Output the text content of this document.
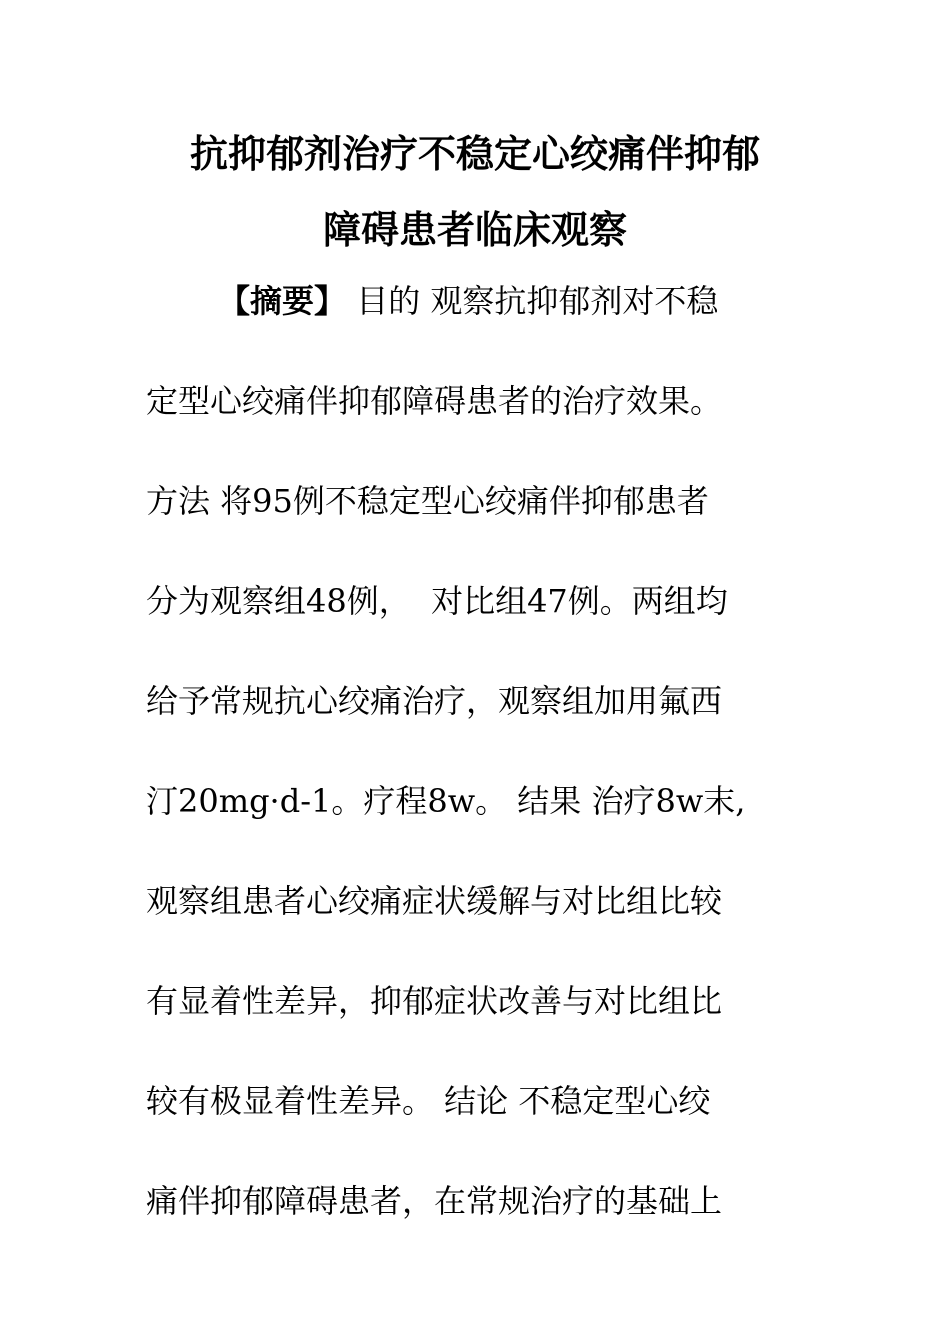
抗抑郁剂治疗不稳定心绞痛伴抑郁
障碍患者临床观察
【摘要】 目的 观察抗抑郁剂对不稳
定型心绞痛伴抑郁障碍患者的治疗效果。
方法 将95例不稳定型心绞痛伴抑郁患者
分为观察组48例，  对比组47例。两组均
给予常规抗心绞痛治疗，观察组加用氟西
汀20mg·d-1。疗程8w。 结果 治疗8w末,
观察组患者心绞痛症状缓解与对比组比较
有显着性差异，抑郁症状改善与对比组比
较有极显着性差异。 结论 不稳定型心绞
痛伴抑郁障碍患者，在常规治疗的基础上
